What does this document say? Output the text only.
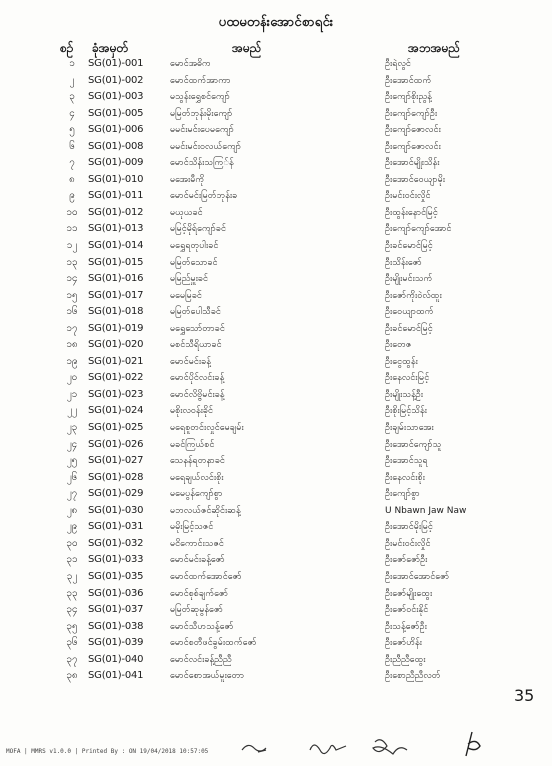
ပထမတန်းအောင်စာရင်း
စဉ် ခုံအမှတ်	အမည်	အဘအမည်
၁	SG(01)-001	မောင်အဓိက	ဦးရဲလွင်
၂	SG(01)-002	မောင်ထက်အာကာ	ဦးအောင်ထက်
၃	SG(01)-003	မသွန်းရွှေစင်ကျော်	ဦးကျော်စိုးညွန့်
၄	SG(01)-005	မမြတ်ဘုန်းမိုးကျော်	ဦးကျော်ကျော်ဦး
၅	SG(01)-006	မမင်းမင်းပေမကျော်	ဦးကျော်ဇောလင်း
၆	SG(01)-008	မမင်းမင်းဝလယ်ကျော်	ဦးကျော်ဇောလင်း
၇	SG(01)-009	မောင်သိန်းသကြ်န်	ဦးအောင်မျိုးသိန်း
၈	SG(01)-010	မအေးမီကို	ဦးအောင်ဝေယျာမိုး
၉	SG(01)-011	မောင်မင်းမြတ်ဘုန်းခ	ဦးမင်းဝင်းလှိုင်
၁၀	SG(01)-012	မယုယခင်	ဦးထွန်းနောင်မြင့်
၁၁	SG(01)-013	မမြင့်မိုရ်ကျော်ခင်	ဦးကျော်ကျော်အောင်
၁၂	SG(01)-014	မရွှေရတုပါးခင်	ဦးခင်မောင်မြင့်
၁၃	SG(01)-015	မမြတ်သောခင်	ဦးသိန်းဇော်
၁၄	SG(01)-016	မမြည်မှူးခင်	ဦးမျိုးမင်းသက်
၁၅	SG(01)-017	မမေမြခင်	ဦးဇော်ကိုးဝဲလ်ထူး
၁၆	SG(01)-018	မမြတ်ပေါသီခင်	ဦးဝေယျာထက်
၁၇	SG(01)-019	မရွှေသော်တာခင်	ဦးခင်မောင်မြင့်
၁၈	SG(01)-020	မစင်သီရိယာခင်	ဦးတေဇ
၁၉	SG(01)-021	မောင်မင်းခန့်	ဦးငွေထွန်း
၂၀	SG(01)-022	မောင်ပိုင်လင်းခန့်	ဦးနေလင်းမြင့်
၂၁	SG(01)-023	မောင်လိဗ္ဗိမင်းခန့်	ဦးမျိုးသန့်ဦး
၂၂	SG(01)-024	မစိုးလဝန်းခိုင်	ဦးစိုးမြင့်သိန်း
၂၃	SG(01)-025	မရေစူတင်းလှုင်မေချမ်း	ဦးချမ်းသာအေး
၂၄	SG(01)-026	မခင်ကြယ်စင်	ဦးအောင်ကျော်သူ
၂၅	SG(01)-027	သေနန်ရတနာခင်	ဦးအောင်သူရ
၂၆	SG(01)-028	မရေချယ်လင်းစိုး	ဦးနေလင်းစိုး
၂၇	SG(01)-029	မမေပွန်ကျော်စွာ	ဦးကျော်စွာ
၂၈	SG(01)-030	မဘလယ်ဇင်ဆိုင်းဆန့်	U Nbawn Jaw Naw
၂၉	SG(01)-031	မမိုးမြင့်သဇင်	ဦးအောင်မိုးမြင့်
၃၀	SG(01)-032	မငိကောင်းသဇင်	ဦးမင်းဝင်းလှိုင်
၃၁	SG(01)-033	မောင်မင်းခန့်ဇော်	ဦးဇော်ဇော်ဦး
၃၂	SG(01)-035	မောင်ထက်အောင်ဇော်	ဦးအောင်အောင်ဇော်
၃၃	SG(01)-036	မောင်စုစ်ချက်ဇော်	ဦးဇော်မျိုးထွေး
၃၄	SG(01)-037	မမြတ်ဆုမွန်ဇော်	ဦးဇော်ဝင်းနိုင်
၃၅	SG(01)-038	မောင်သီဟသန့်ဇော်	ဦးသန့်ဇော်ဦး
၃၆	SG(01)-039	မောင်စတီဖင်ခွမ်းထက်ဇော်	ဦးဇော်ဟိန်း
၃၇	SG(01)-040	မောင်လင်းခန့်ညီညီ	ဦးညီညီထွေး
၃၈	SG(01)-041	မောင်စောအယ်မူးတော	ဦးစောညီညီလတ်
35
MOFA | MMRS v1.0.0 | Printed By : ON 19/04/2018 10:57:05
